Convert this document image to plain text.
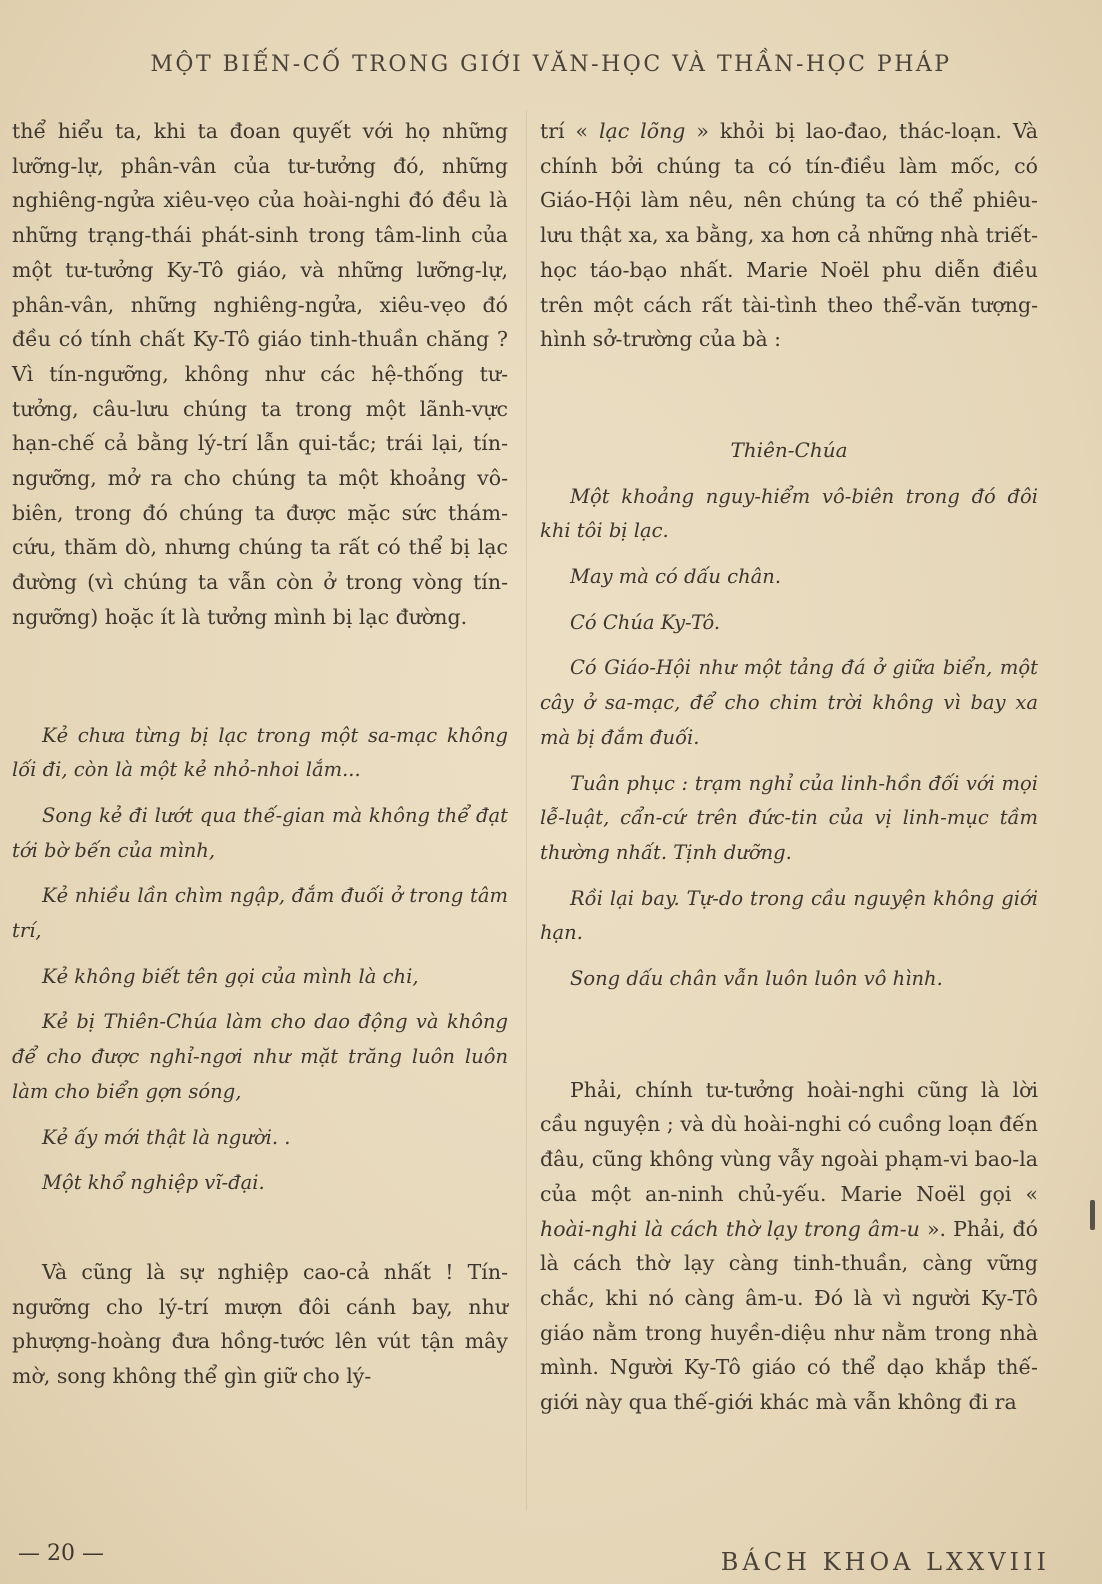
MỘT BIẾN-CỐ TRONG GIỚI VĂN-HỌC VÀ THẦN-HỌC PHÁP

thể hiểu ta, khi ta đoan quyết với họ những lưỡng-lự, phân-vân của tư-tưởng đó, những nghiêng-ngửa xiêu-vẹo của hoài-nghi đó đều là những trạng-thái phát-sinh trong tâm-linh của một tư-tưởng Ky-Tô giáo, và những lưỡng-lự, phân-vân, những nghiêng-ngửa, xiêu-vẹo đó đều có tính chất Ky-Tô giáo tinh-thuần chăng ? Vì tín-ngưỡng, không như các hệ-thống tư-tưởng, câu-lưu chúng ta trong một lãnh-vực hạn-chế cả bằng lý-trí lẫn qui-tắc; trái lại, tín-ngưỡng, mở ra cho chúng ta một khoảng vô-biên, trong đó chúng ta được mặc sức thám-cứu, thăm dò, nhưng chúng ta rất có thể bị lạc đường (vì chúng ta vẫn còn ở trong vòng tín-ngưỡng) hoặc ít là tưởng mình bị lạc đường.

Kẻ chưa từng bị lạc trong một sa-mạc không lối đi, còn là một kẻ nhỏ-nhoi lắm...

Song kẻ đi lướt qua thế-gian mà không thể đạt tới bờ bến của mình,

Kẻ nhiều lần chìm ngập, đắm đuối ở trong tâm trí,

Kẻ không biết tên gọi của mình là chi,

Kẻ bị Thiên-Chúa làm cho dao động và không để cho được nghỉ-ngơi như mặt trăng luôn luôn làm cho biển gợn sóng,

Kẻ ấy mới thật là người. .

Một khổ nghiệp vĩ-đại.

Và cũng là sự nghiệp cao-cả nhất ! Tín-ngưỡng cho lý-trí mượn đôi cánh bay, như phượng-hoàng đưa hồng-tước lên vút tận mây mờ, song không thể gìn giữ cho lý-

trí « lạc lõng » khỏi bị lao-đao, thác-loạn. Và chính bởi chúng ta có tín-điều làm mốc, có Giáo-Hội làm nêu, nên chúng ta có thể phiêu-lưu thật xa, xa bằng, xa hơn cả những nhà triết-học táo-bạo nhất. Marie Noël phu diễn điều trên một cách rất tài-tình theo thể-văn tượng-hình sở-trường của bà :

Thiên-Chúa

Một khoảng nguy-hiểm vô-biên trong đó đôi khi tôi bị lạc.

May mà có dấu chân.

Có Chúa Ky-Tô.

Có Giáo-Hội như một tảng đá ở giữa biển, một cây ở sa-mạc, để cho chim trời không vì bay xa mà bị đắm đuối.

Tuân phục : trạm nghỉ của linh-hồn đối với mọi lễ-luật, cẩn-cứ trên đức-tin của vị linh-mục tầm thường nhất. Tịnh dưỡng.

Rồi lại bay. Tự-do trong cầu nguyện không giới hạn.

Song dấu chân vẫn luôn luôn vô hình.

Phải, chính tư-tưởng hoài-nghi cũng là lời cầu nguyện ; và dù hoài-nghi có cuồng loạn đến đâu, cũng không vùng vẫy ngoài phạm-vi bao-la của một an-ninh chủ-yếu. Marie Noël gọi « hoài-nghi là cách thờ lạy trong âm-u ». Phải, đó là cách thờ lạy càng tinh-thuần, càng vững chắc, khi nó càng âm-u. Đó là vì người Ky-Tô giáo nằm trong huyền-diệu như nằm trong nhà mình. Người Ky-Tô giáo có thể dạo khắp thế-giới này qua thế-giới khác mà vẫn không đi ra

— 20 —	BÁCH KHOA LXXVIII
